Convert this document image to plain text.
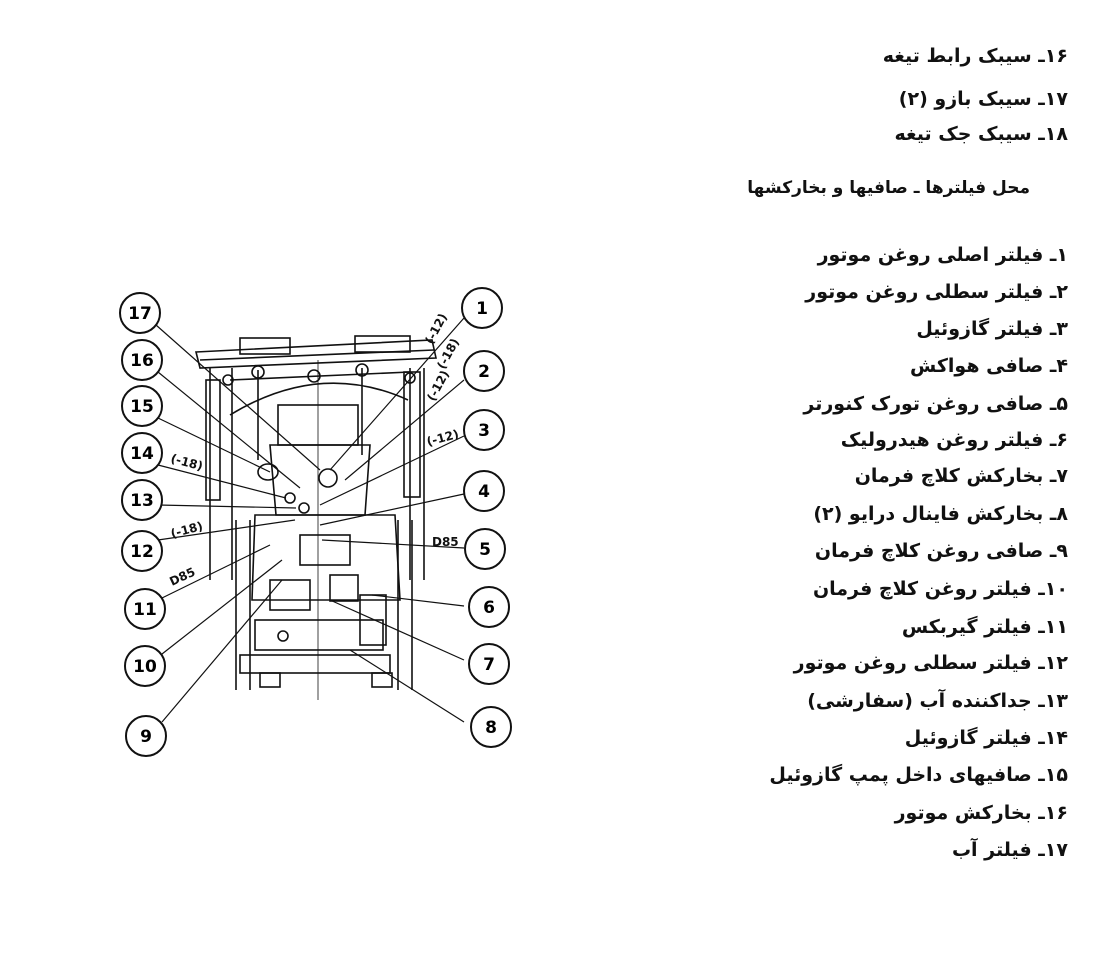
۱۶ـ سیبک رابط تیغه
۱۷ـ سیبک بازو (۲)
۱۸ـ سیبک جک تیغه
محل فیلترها ـ صافیها و بخارکشها
۱ـ فیلتر اصلی روغن موتور
۲ـ فیلتر سطلی روغن موتور
۳ـ فیلتر گازوئیل
۴ـ صافی هواکش
۵ـ صافی روغن تورک کنورتر
۶ـ فیلتر روغن هیدرولیک
۷ـ بخارکش کلاچ فرمان
۸ـ بخارکش فاینال درایو (۲)
۹ـ صافی روغن کلاچ فرمان
۱۰ـ فیلتر روغن کلاچ فرمان
۱۱ـ فیلتر گیربکس
۱۲ـ فیلتر سطلی روغن موتور
۱۳ـ جداکننده آب (سفارشی)
۱۴ـ فیلتر گازوئیل
۱۵ـ صافیهای داخل پمپ گازوئیل
۱۶ـ بخارکش موتور
۱۷ـ فیلتر آب
17
16
15
14
13
12
11
10
9
1
2
3
4
5
6
7
8
(-12)
(-18)
(-12)
(-12)
(-18)
(-18)
D85
D85
